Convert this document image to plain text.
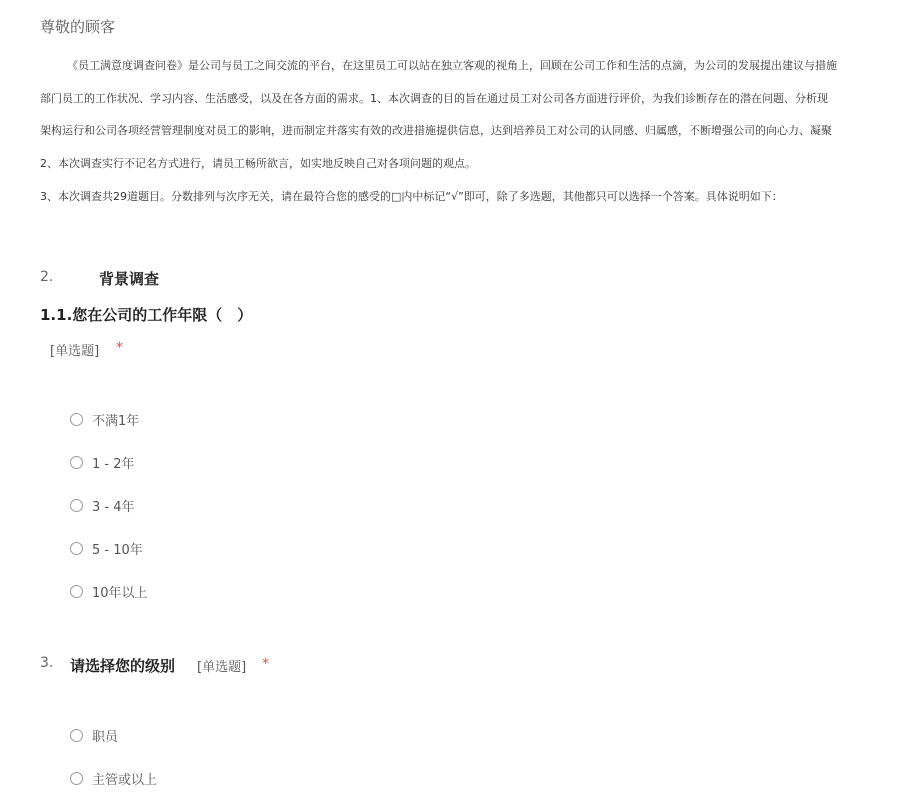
尊敬的顾客
《员工满意度调查问卷》是公司与员工之间交流的平台，在这里员工可以站在独立客观的视角上，回顾在公司工作和生活的点滴，为公司的发展提出建议与措施
部门员工的工作状况、学习内容、生活感受，以及在各方面的需求。1、本次调查的目的旨在通过员工对公司各方面进行评价，为我们诊断存在的潜在问题、分析现
架构运行和公司各项经营管理制度对员工的影响，进而制定并落实有效的改进措施提供信息，达到培养员工对公司的认同感、归属感，不断增强公司的向心力、凝聚
2、本次调查实行不记名方式进行，请员工畅所欲言，如实地反映自己对各项问题的观点。
3、本次调查共29道题目。分数排列与次序无关，请在最符合您的感受的□内中标记“√”即可，除了多选题，其他都只可以选择一个答案。具体说明如下：
2.	背景调查
1.1.您在公司的工作年限（　）
[单选题] *
不满1年
1 - 2年
3 - 4年
5 - 10年
10年以上
3. 请选择您的级别 [单选题] *
职员
主管或以上
